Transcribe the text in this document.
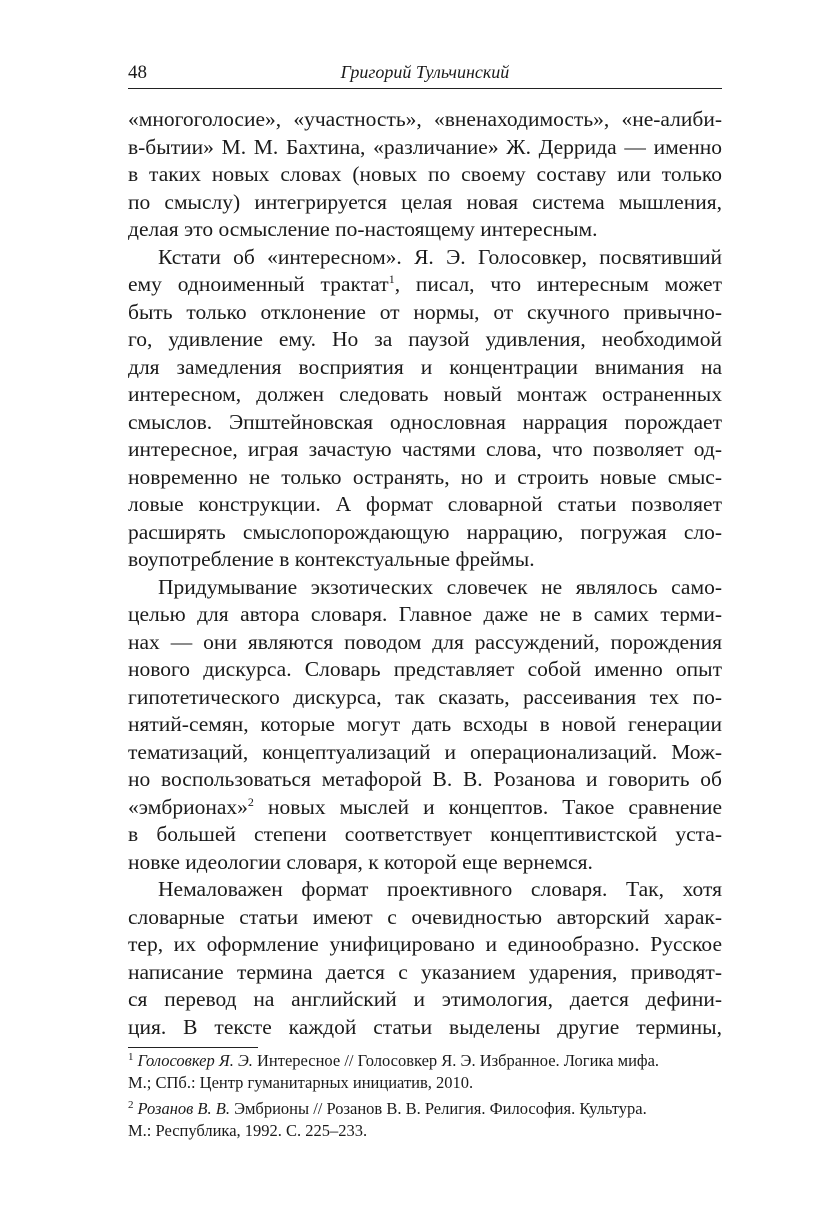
48	Григорий Тульчинский

«многоголосие», «участность», «вненаходимость», «не-алиби-
в-бытии» М. М. Бахтина, «различание» Ж. Деррида — именно
в таких новых словах (новых по своему составу или только
по смыслу) интегрируется целая новая система мышления,
делая это осмысление по-настоящему интересным.

Кстати об «интересном». Я. Э. Голосовкер, посвятивший
ему одноименный трактат$^1$, писал, что интересным может
быть только отклонение от нормы, от скучного привычно-
го, удивление ему. Но за паузой удивления, необходимой
для замедления восприятия и концентрации внимания на
интересном, должен следовать новый монтаж остраненных
смыслов. Эпштейновская однословная наррация порождает
интересное, играя зачастую частями слова, что позволяет од-
новременно не только остранять, но и строить новые смыс-
ловые конструкции. А формат словарной статьи позволяет
расширять смыслопорождающую наррацию, погружая сло-
воупотребление в контекстуальные фреймы.

Придумывание экзотических словечек не являлось само-
целью для автора словаря. Главное даже не в самих терми-
нах — они являются поводом для рассуждений, порождения
нового дискурса. Словарь представляет собой именно опыт
гипотетического дискурса, так сказать, рассеивания тех по-
нятий-семян, которые могут дать всходы в новой генерации
тематизаций, концептуализаций и операционализаций. Мож-
но воспользоваться метафорой В. В. Розанова и говорить об
«эмбрионах»$^2$ новых мыслей и концептов. Такое сравнение
в большей степени соответствует концептивистской уста-
новке идеологии словаря, к которой еще вернемся.

Немаловажен формат проективного словаря. Так, хотя
словарные статьи имеют с очевидностью авторский харак-
тер, их оформление унифицировано и единообразно. Русское
написание термина дается с указанием ударения, приводят-
ся перевод на английский и этимология, дается дефини-
ция. В тексте каждой статьи выделены другие термины,

$^1$ Голосовкер Я. Э. Интересное // Голосовкер Я. Э. Избранное. Логика мифа.
М.; СПб.: Центр гуманитарных инициатив, 2010.

$^2$ Розанов В. В. Эмбрионы // Розанов В. В. Религия. Философия. Культура.
М.: Республика, 1992. С. 225–233.
